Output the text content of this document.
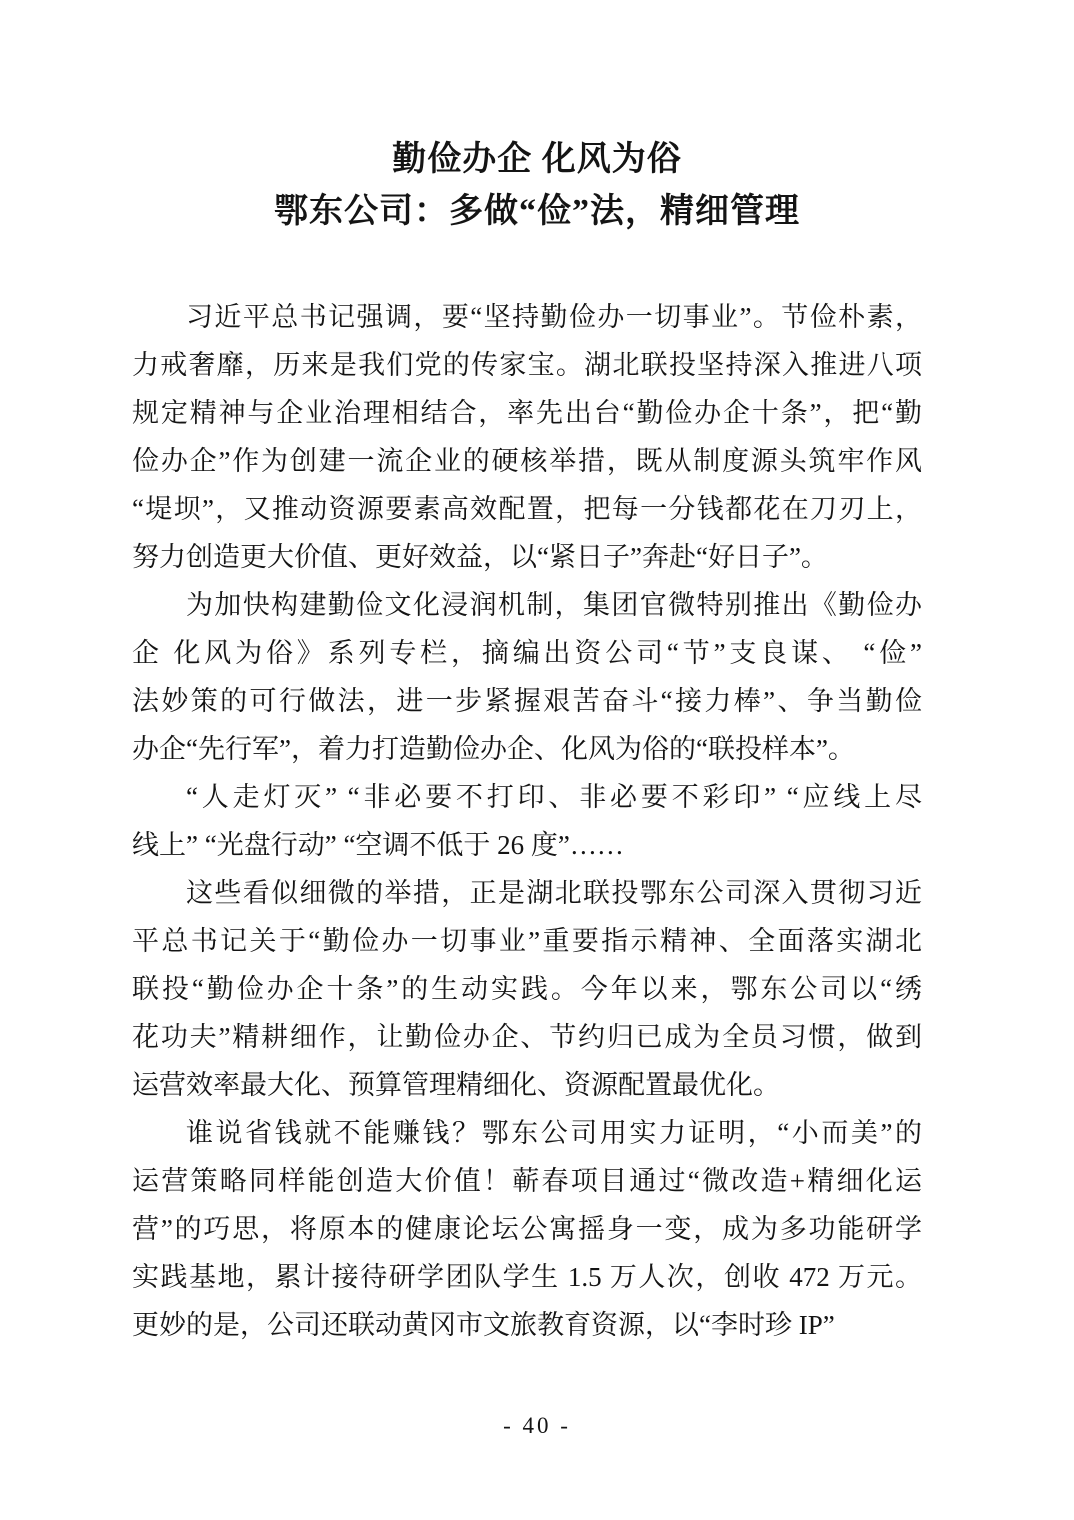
勤俭办企 化风为俗
鄂东公司：多做“俭”法，精细管理
习近平总书记强调，要“坚持勤俭办一切事业”。节俭朴素，
力戒奢靡，历来是我们党的传家宝。湖北联投坚持深入推进八项
规定精神与企业治理相结合，率先出台“勤俭办企十条”，把“勤
俭办企”作为创建一流企业的硬核举措，既从制度源头筑牢作风
“堤坝”，又推动资源要素高效配置，把每一分钱都花在刀刃上，
努力创造更大价值、更好效益，以“紧日子”奔赴“好日子”。
为加快构建勤俭文化浸润机制，集团官微特别推出《勤俭办
企 化风为俗》系列专栏，摘编出资公司“节”支良谋、 “俭”
法妙策的可行做法，进一步紧握艰苦奋斗“接力棒”、争当勤俭
办企“先行军”，着力打造勤俭办企、化风为俗的“联投样本”。
“人走灯灭” “非必要不打印、非必要不彩印” “应线上尽
线上” “光盘行动” “空调不低于 26 度”……
这些看似细微的举措，正是湖北联投鄂东公司深入贯彻习近
平总书记关于“勤俭办一切事业”重要指示精神、全面落实湖北
联投“勤俭办企十条”的生动实践。今年以来，鄂东公司以“绣
花功夫”精耕细作，让勤俭办企、节约归已成为全员习惯，做到
运营效率最大化、预算管理精细化、资源配置最优化。
谁说省钱就不能赚钱？鄂东公司用实力证明，“小而美”的
运营策略同样能创造大价值！蕲春项目通过“微改造+精细化运
营”的巧思，将原本的健康论坛公寓摇身一变，成为多功能研学
实践基地，累计接待研学团队学生 1.5 万人次，创收 472 万元。
更妙的是，公司还联动黄冈市文旅教育资源，以“李时珍 IP”
- 40 -
